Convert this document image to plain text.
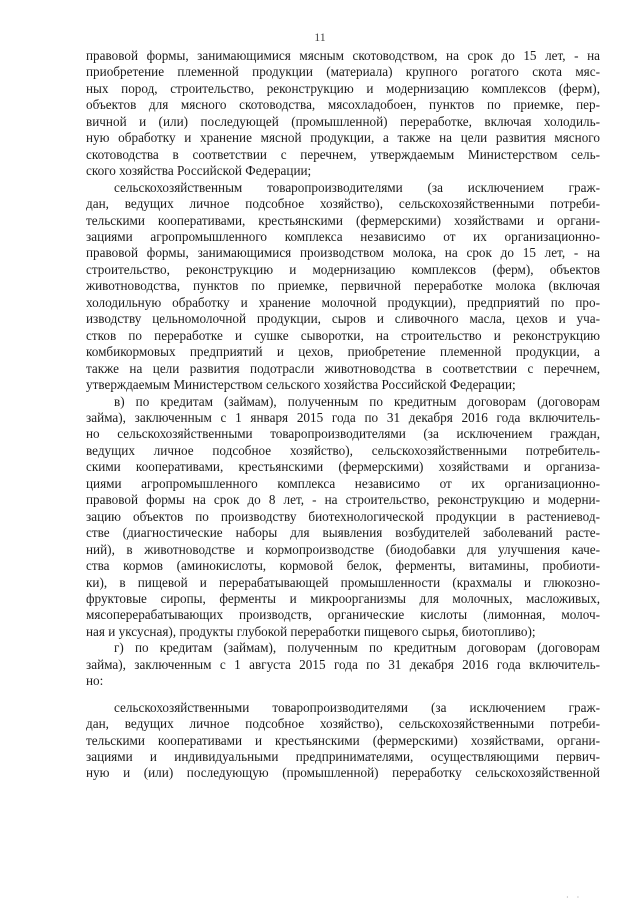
11
правовой формы, занимающимися мясным скотоводством, на срок до 15 лет, - на
приобретение племенной продукции (материала) крупного рогатого скота мяс-
ных пород, строительство, реконструкцию и модернизацию комплексов (ферм),
объектов для мясного скотоводства, мясохладобоен, пунктов по приемке, пер-
вичной и (или) последующей (промышленной) переработке, включая холодиль-
ную обработку и хранение мясной продукции, а также на цели развития мясного
скотоводства в соответствии с перечнем, утверждаемым Министерством сель-
ского хозяйства Российской Федерации;
сельскохозяйственным товаропроизводителями (за исключением граж-
дан, ведущих личное подсобное хозяйство), сельскохозяйственными потреби-
тельскими кооперативами, крестьянскими (фермерскими) хозяйствами и органи-
зациями агропромышленного комплекса независимо от их организационно-
правовой формы, занимающимися производством молока, на срок до 15 лет, - на
строительство, реконструкцию и модернизацию комплексов (ферм), объектов
животноводства, пунктов по приемке, первичной переработке молока (включая
холодильную обработку и хранение молочной продукции), предприятий по про-
изводству цельномолочной продукции, сыров и сливочного масла, цехов и уча-
стков по переработке и сушке сыворотки, на строительство и реконструкцию
комбикормовых предприятий и цехов, приобретение племенной продукции, а
также на цели развития подотрасли животноводства в соответствии с перечнем,
утверждаемым Министерством сельского хозяйства Российской Федерации;
в) по кредитам (займам), полученным по кредитным договорам (договорам
займа), заключенным с 1 января 2015 года по 31 декабря 2016 года включитель-
но сельскохозяйственными товаропроизводителями (за исключением граждан,
ведущих личное подсобное хозяйство), сельскохозяйственными потребитель-
скими кооперативами, крестьянскими (фермерскими) хозяйствами и организа-
циями агропромышленного комплекса независимо от их организационно-
правовой формы на срок до 8 лет, - на строительство, реконструкцию и модерни-
зацию объектов по производству биотехнологической продукции в растениевод-
стве (диагностические наборы для выявления возбудителей заболеваний расте-
ний), в животноводстве и кормопроизводстве (биодобавки для улучшения каче-
ства кормов (аминокислоты, кормовой белок, ферменты, витамины, пробиоти-
ки), в пищевой и перерабатывающей промышленности (крахмалы и глюкозно-
фруктовые сиропы, ферменты и микроорганизмы для молочных, масложивых,
мясоперерабатывающих производств, органические кислоты (лимонная, молоч-
ная и уксусная), продукты глубокой переработки пищевого сырья, биотопливо);
г) по кредитам (займам), полученным по кредитным договорам (договорам
займа), заключенным с 1 августа 2015 года по 31 декабря 2016 года включитель-
но:
сельскохозяйственными товаропроизводителями (за исключением граж-
дан, ведущих личное подсобное хозяйство), сельскохозяйственными потреби-
тельскими кооперативами и крестьянскими (фермерскими) хозяйствами, органи-
зациями и индивидуальными предпринимателями, осуществляющими первич-
ную и (или) последующую (промышленной) переработку сельскохозяйственной
· ·
